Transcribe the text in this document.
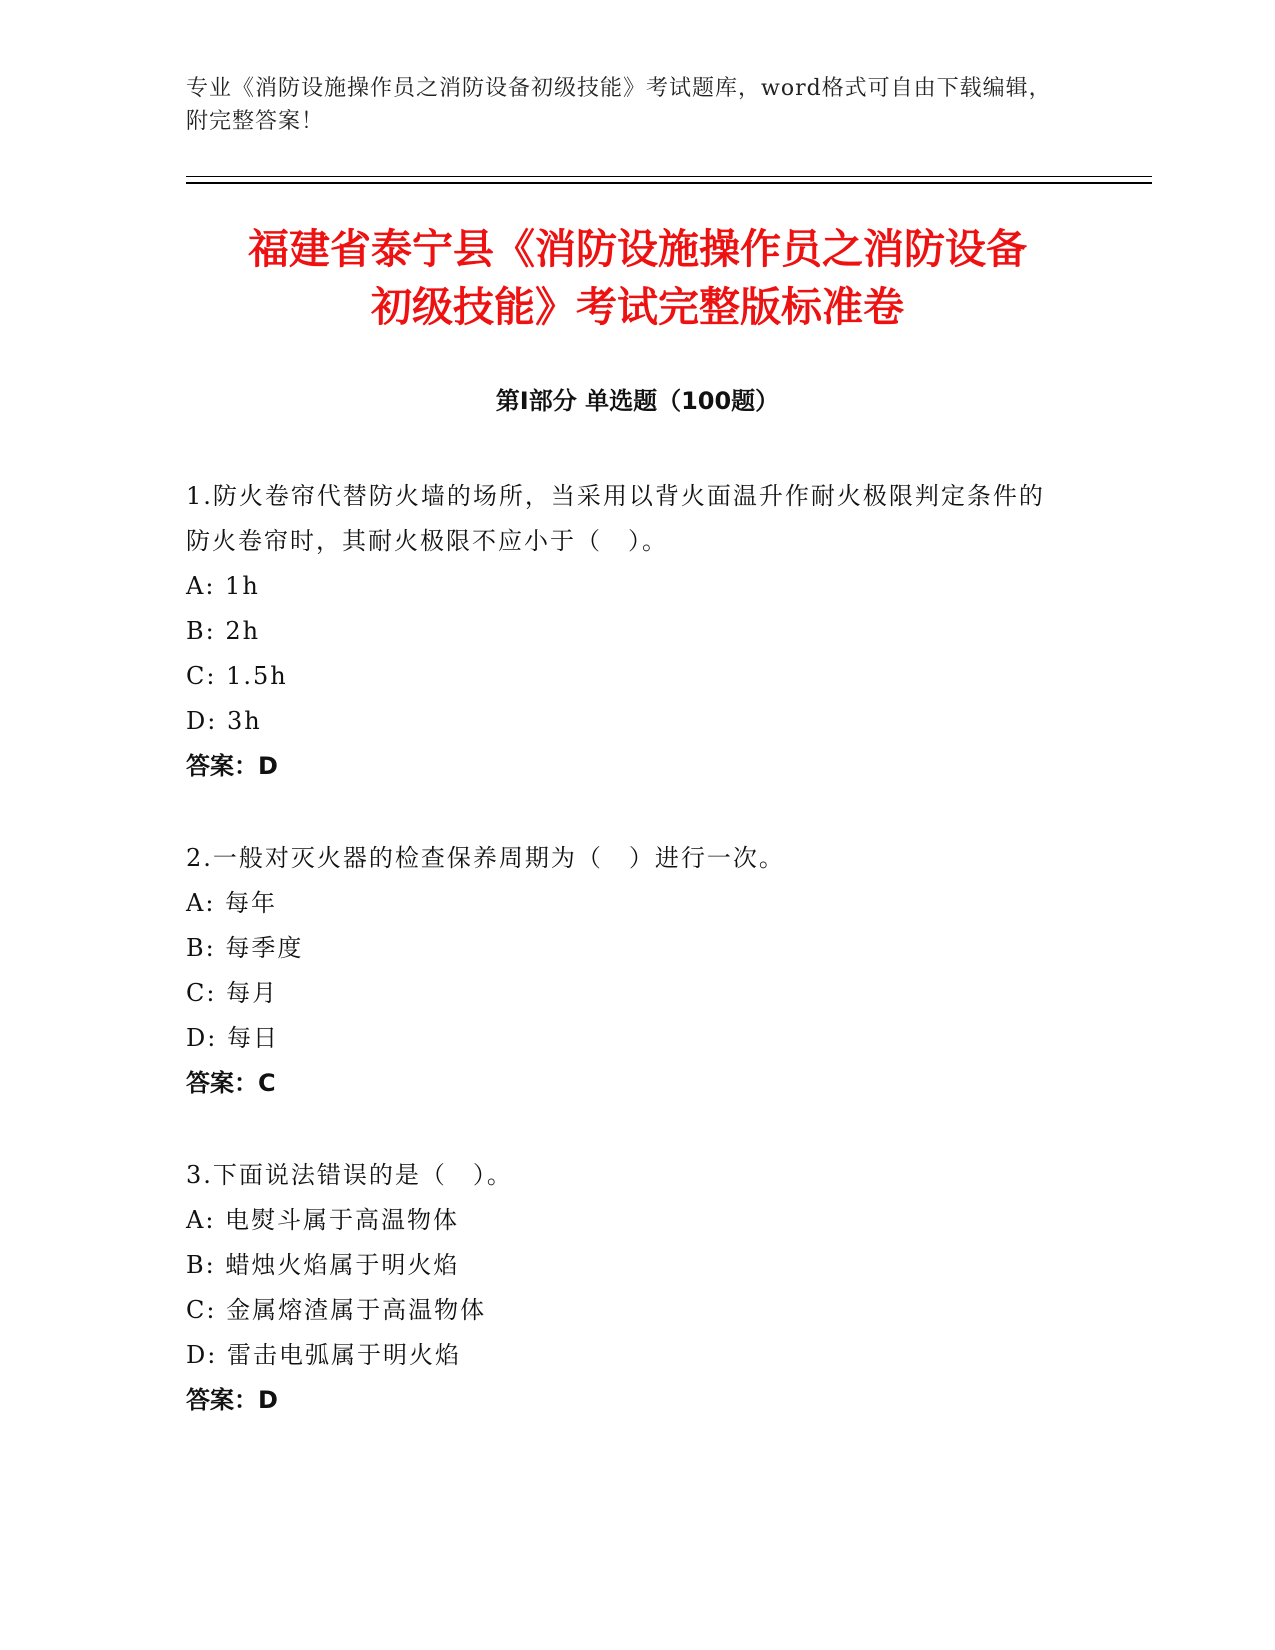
专业《消防设施操作员之消防设备初级技能》考试题库，word格式可自由下载编辑，附完整答案！
福建省泰宁县《消防设施操作员之消防设备
初级技能》考试完整版标准卷
第Ⅰ部分 单选题（100题）

1.防火卷帘代替防火墙的场所，当采用以背火面温升作耐火极限判定条件的防火卷帘时，其耐火极限不应小于（　）。

A: 1h

B: 2h

C: 1.5h

D: 3h

答案：D

2.一般对灭火器的检查保养周期为（　）进行一次。

A: 每年

B: 每季度

C: 每月

D: 每日

答案：C

3.下面说法错误的是（　）。

A: 电熨斗属于高温物体

B: 蜡烛火焰属于明火焰

C: 金属熔渣属于高温物体

D: 雷击电弧属于明火焰

答案：D
